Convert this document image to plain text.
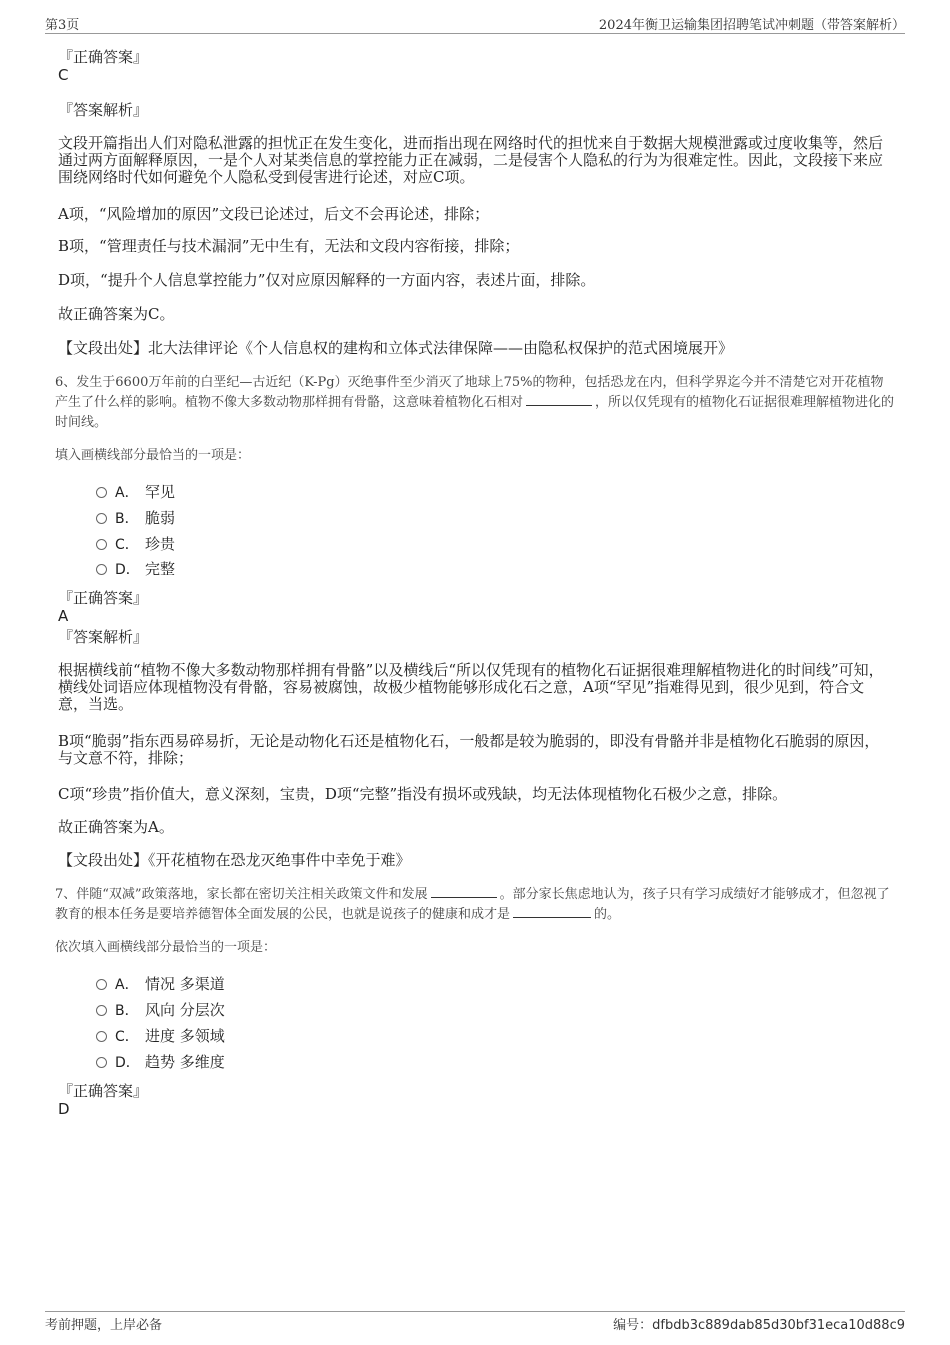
第3页	2024年衡卫运输集团招聘笔试冲刺题（带答案解析）
『正确答案』
C
『答案解析』
文段开篇指出人们对隐私泄露的担忧正在发生变化，进而指出现在网络时代的担忧来自于数据大规模泄露或过度收集等，然后通过两方面解释原因，一是个人对某类信息的掌控能力正在减弱，二是侵害个人隐私的行为为很难定性。因此，文段接下来应围绕网络时代如何避免个人隐私受到侵害进行论述，对应C项。
A项，“风险增加的原因”文段已论述过，后文不会再论述，排除；
B项，“管理责任与技术漏洞”无中生有，无法和文段内容衔接，排除；
D项，“提升个人信息掌控能力”仅对应原因解释的一方面内容，表述片面，排除。
故正确答案为C。
【文段出处】北大法律评论《个人信息权的建构和立体式法律保障——由隐私权保护的范式困境展开》
6、发生于6600万年前的白垩纪—古近纪（K-Pg）灭绝事件至少消灭了地球上75%的物种，包括恐龙在内，但科学界迄今并不清楚它对开花植物产生了什么样的影响。植物不像大多数动物那样拥有骨骼，这意味着植物化石相对	，所以仅凭现有的植物化石证据很难理解植物进化的时间线。
填入画横线部分最恰当的一项是：
A． 罕见
B． 脆弱
C． 珍贵
D． 完整
『正确答案』
A
『答案解析』
根据横线前“植物不像大多数动物那样拥有骨骼”以及横线后“所以仅凭现有的植物化石证据很难理解植物进化的时间线”可知，横线处词语应体现植物没有骨骼，容易被腐蚀，故极少植物能够形成化石之意，A项“罕见”指难得见到，很少见到，符合文意，当选。
B项“脆弱”指东西易碎易折，无论是动物化石还是植物化石，一般都是较为脆弱的，即没有骨骼并非是植物化石脆弱的原因，与文意不符，排除；
C项“珍贵”指价值大，意义深刻，宝贵，D项“完整”指没有损坏或残缺，均无法体现植物化石极少之意，排除。
故正确答案为A。
【文段出处】《开花植物在恐龙灭绝事件中幸免于难》
7、伴随“双减”政策落地，家长都在密切关注相关政策文件和发展	。部分家长焦虑地认为，孩子只有学习成绩好才能够成才，但忽视了教育的根本任务是要培养德智体全面发展的公民，也就是说孩子的健康和成才是	的。
依次填入画横线部分最恰当的一项是：
A． 情况 多渠道
B． 风向 分层次
C． 进度 多领域
D． 趋势 多维度
『正确答案』
D
考前押题，上岸必备	编号：dfbdb3c889dab85d30bf31eca10d88c9
